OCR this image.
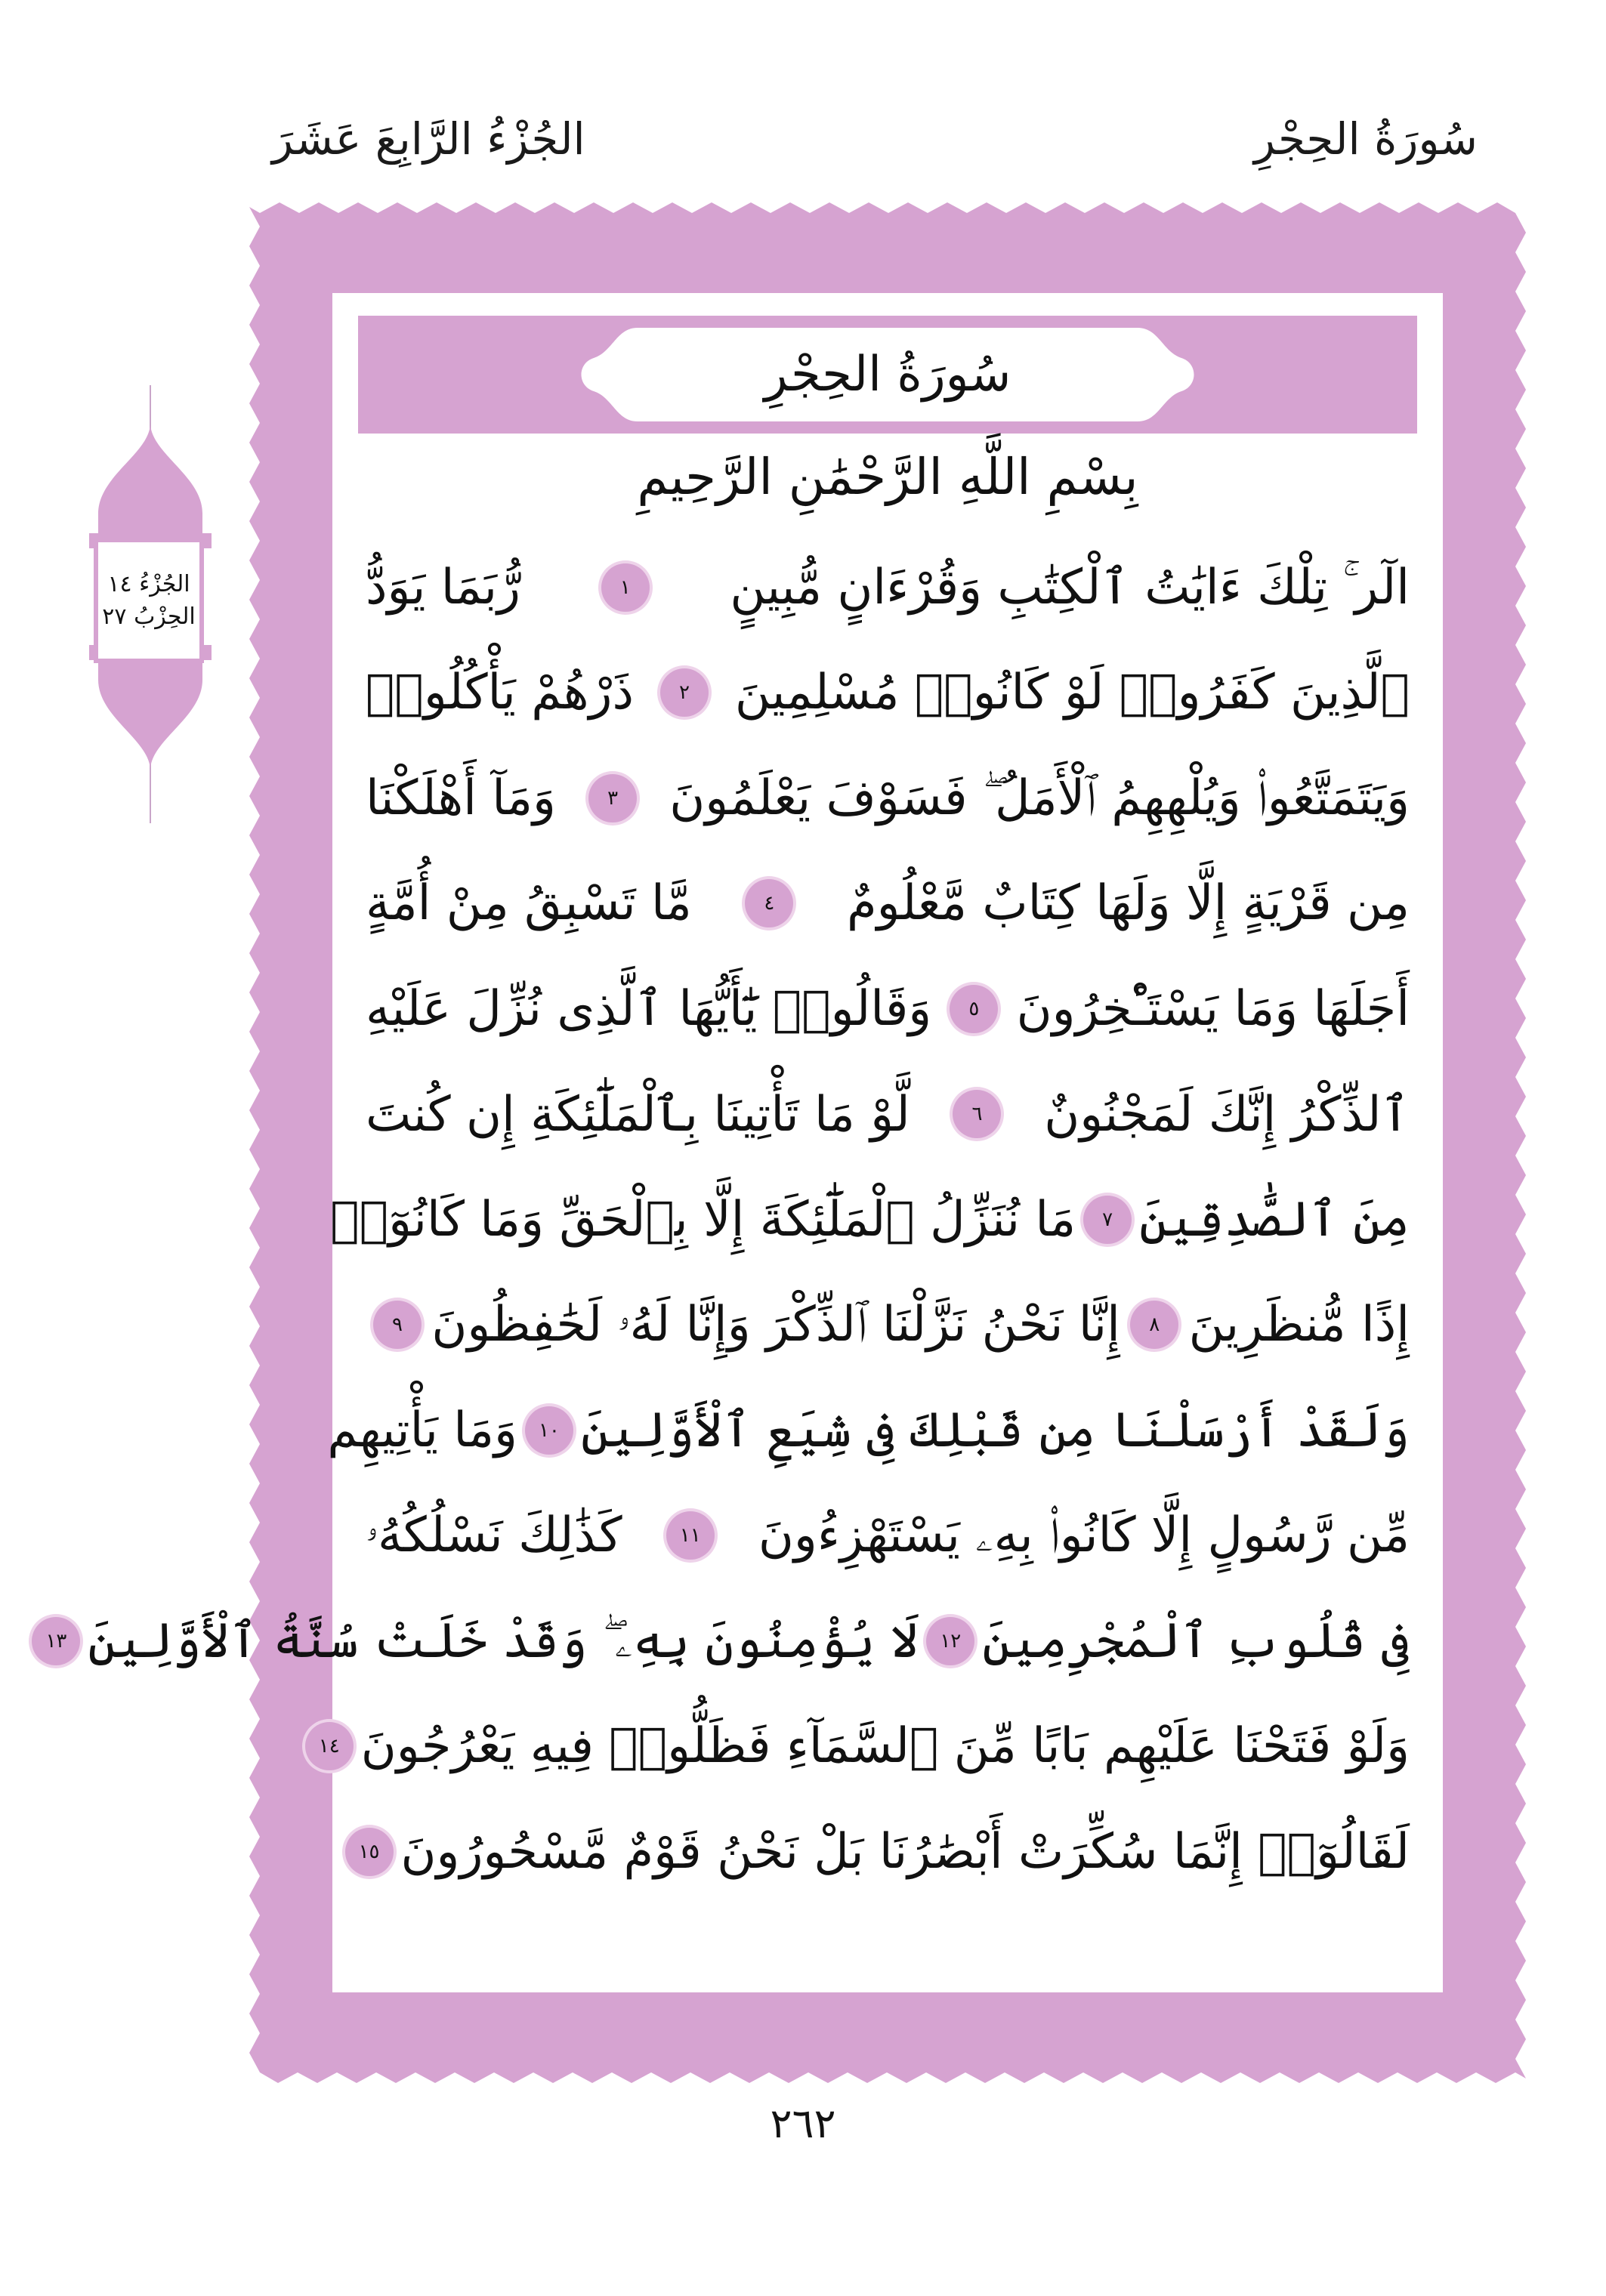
سُورَةُ الحِجْرِ
الجُزْءُ الرَّابِعَ عَشَرَ
الجُزْءُ ١٤
الحِزْبُ ٢٧
سُورَةُ الحِجْرِ
بِسْمِ اللَّهِ الرَّحْمَٰنِ الرَّحِيمِ
الٓر ۚ تِلْكَ ءَايَٰتُ ٱلْكِتَٰبِ وَقُرْءَانٍ مُّبِينٍ
١
رُّبَمَا يَوَدُّ
ٱلَّذِينَ كَفَرُوا۟ لَوْ كَانُوا۟ مُسْلِمِينَ
٢
ذَرْهُمْ يَأْكُلُوا۟
وَيَتَمَتَّعُوا۟ وَيُلْهِهِمُ ٱلْأَمَلُ ۖ فَسَوْفَ يَعْلَمُونَ
٣
وَمَآ أَهْلَكْنَا
مِن قَرْيَةٍ إِلَّا وَلَهَا كِتَابٌ مَّعْلُومٌ
٤
مَّا تَسْبِقُ مِنْ أُمَّةٍ
أَجَلَهَا وَمَا يَسْتَـْٔخِرُونَ
٥
وَقَالُوا۟ يَٰٓأَيُّهَا ٱلَّذِى نُزِّلَ عَلَيْهِ
ٱلذِّكْرُ إِنَّكَ لَمَجْنُونٌ
٦
لَّوْ مَا تَأْتِينَا بِٱلْمَلَٰٓئِكَةِ إِن كُنتَ
مِنَ ٱلصَّٰدِقِينَ
٧
مَا نُنَزِّلُ ٱلْمَلَٰٓئِكَةَ إِلَّا بِٱلْحَقِّ وَمَا كَانُوٓا۟
إِذًا مُّنظَرِينَ
٨
إِنَّا نَحْنُ نَزَّلْنَا ٱلذِّكْرَ وَإِنَّا لَهُۥ لَحَٰفِظُونَ
٩
وَلَقَدْ أَرْسَلْنَا مِن قَبْلِكَ فِى شِيَعِ ٱلْأَوَّلِينَ
١٠
وَمَا يَأْتِيهِم
مِّن رَّسُولٍ إِلَّا كَانُوا۟ بِهِۦ يَسْتَهْزِءُونَ
١١
كَذَٰلِكَ نَسْلُكُهُۥ
فِى قُلُوبِ ٱلْمُجْرِمِينَ
١٢
لَا يُؤْمِنُونَ بِهِۦ ۖ وَقَدْ خَلَتْ سُنَّةُ ٱلْأَوَّلِينَ
١٣
وَلَوْ فَتَحْنَا عَلَيْهِم بَابًا مِّنَ ٱلسَّمَآءِ فَظَلُّوا۟ فِيهِ يَعْرُجُونَ
١٤
لَقَالُوٓا۟ إِنَّمَا سُكِّرَتْ أَبْصَٰرُنَا بَلْ نَحْنُ قَوْمٌ مَّسْحُورُونَ
١٥
٢٦٢
